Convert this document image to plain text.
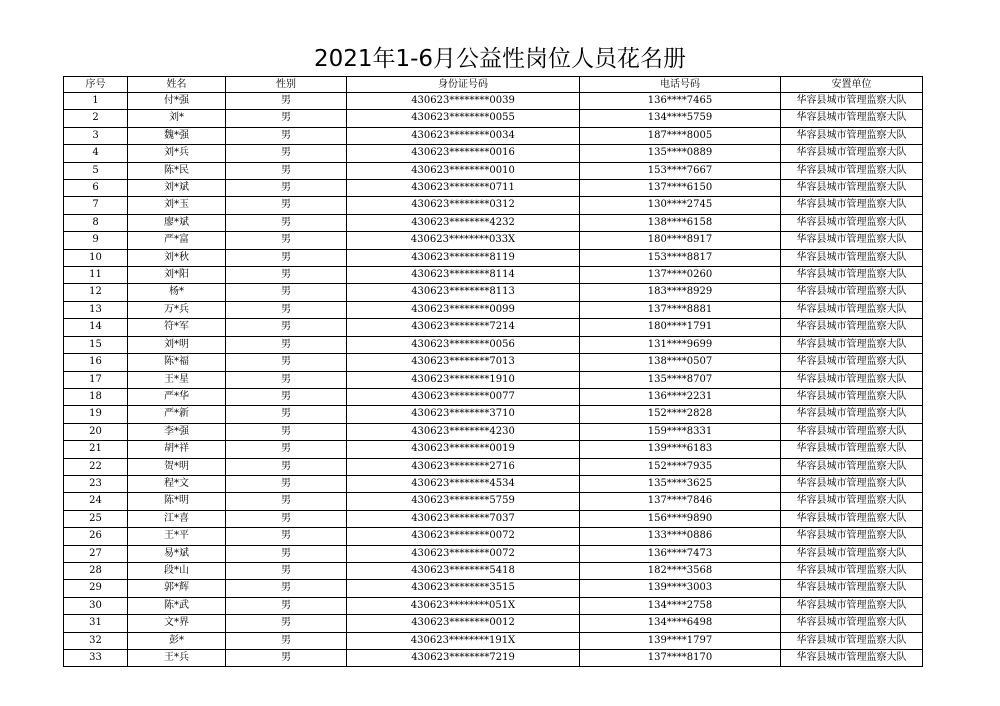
2021年1-6月公益性岗位人员花名册
序号	姓名	性别	身份证号码	电话号码	安置单位
1	付*强	男	430623********0039	136****7465	华容县城市管理监察大队
2	刘*	男	430623********0055	134****5759	华容县城市管理监察大队
3	魏*强	男	430623********0034	187****8005	华容县城市管理监察大队
4	刘*兵	男	430623********0016	135****0889	华容县城市管理监察大队
5	陈*民	男	430623********0010	153****7667	华容县城市管理监察大队
6	刘*斌	男	430623********0711	137****6150	华容县城市管理监察大队
7	刘*玉	男	430623********0312	130****2745	华容县城市管理监察大队
8	廖*斌	男	430623********4232	138****6158	华容县城市管理监察大队
9	严*富	男	430623********033X	180****8917	华容县城市管理监察大队
10	刘*秋	男	430623********8119	153****8817	华容县城市管理监察大队
11	刘*阳	男	430623********8114	137****0260	华容县城市管理监察大队
12	杨*	男	430623********8113	183****8929	华容县城市管理监察大队
13	万*兵	男	430623********0099	137****8881	华容县城市管理监察大队
14	符*军	男	430623********7214	180****1791	华容县城市管理监察大队
15	刘*明	男	430623********0056	131****9699	华容县城市管理监察大队
16	陈*福	男	430623********7013	138****0507	华容县城市管理监察大队
17	王*星	男	430623********1910	135****8707	华容县城市管理监察大队
18	严*华	男	430623********0077	136****2231	华容县城市管理监察大队
19	严*新	男	430623********3710	152****2828	华容县城市管理监察大队
20	李*强	男	430623********4230	159****8331	华容县城市管理监察大队
21	胡*祥	男	430623********0019	139****6183	华容县城市管理监察大队
22	贺*明	男	430623********2716	152****7935	华容县城市管理监察大队
23	程*文	男	430623********4534	135****3625	华容县城市管理监察大队
24	陈*明	男	430623********5759	137****7846	华容县城市管理监察大队
25	江*喜	男	430623********7037	156****9890	华容县城市管理监察大队
26	王*平	男	430623********0072	133****0886	华容县城市管理监察大队
27	易*斌	男	430623********0072	136****7473	华容县城市管理监察大队
28	段*山	男	430623********5418	182****3568	华容县城市管理监察大队
29	郭*辉	男	430623********3515	139****3003	华容县城市管理监察大队
30	陈*武	男	430623********051X	134****2758	华容县城市管理监察大队
31	文*界	男	430623********0012	134****6498	华容县城市管理监察大队
32	彭*	男	430623********191X	139****1797	华容县城市管理监察大队
33	王*兵	男	430623********7219	137****8170	华容县城市管理监察大队
